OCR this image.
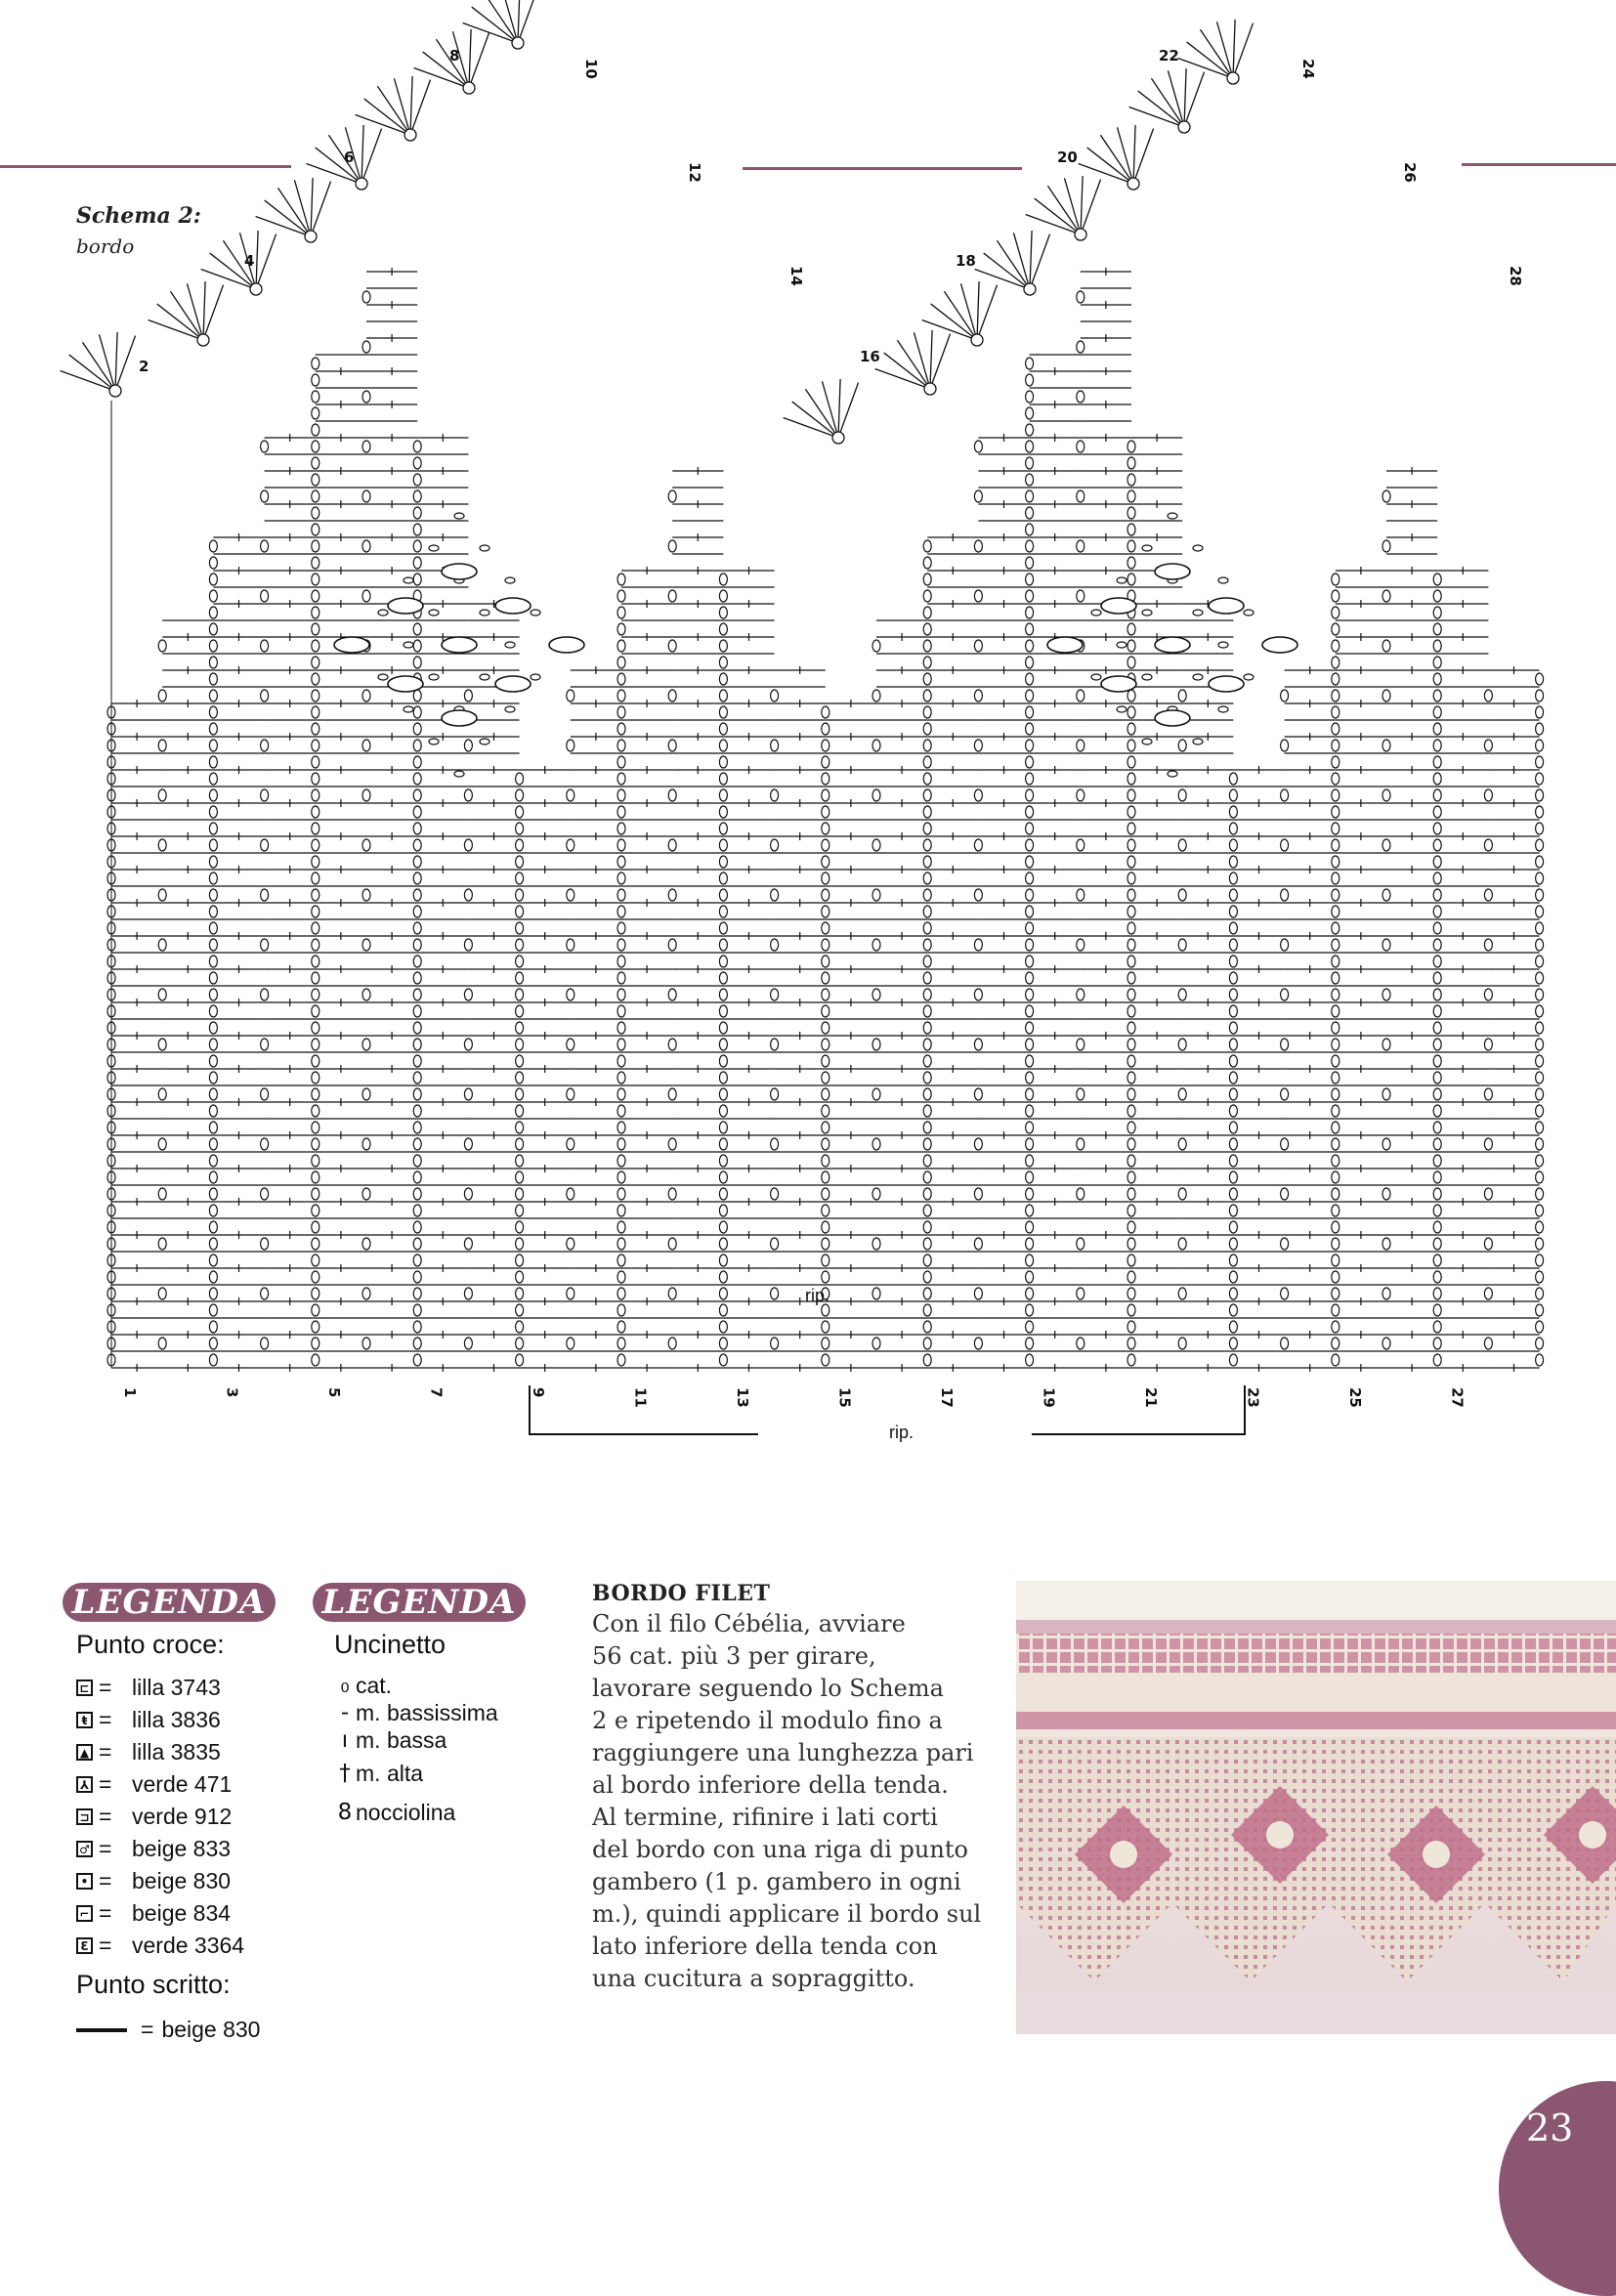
2
4
6
8
10
12
14
16
18
20
22
24
26
28
1	3	5	7	9	11	13	15	17	19	21	23	25	27
rip.
rip.
Schema 2:
bordo
LEGENDA
Punto croce:
⊏ = lilla 3743
ŧ = lilla 3836
▲ = lilla 3835
⅄ = verde 471
⊐ = verde 912
♂ = beige 833
• = beige 830
⌐ = beige 834
Ɛ = verde 3364
Punto scritto:
= beige 830
LEGENDA
Uncinetto
₀ cat.
- m. bassissima
ı m. bassa
† m. alta
8 nocciolina
BORDO FILET

Con il filo Cébélia, avviare
56 cat. più 3 per girare,
lavorare seguendo lo Schema
2 e ripetendo il modulo fino a
raggiungere una lunghezza pari
al bordo inferiore della tenda.
Al termine, rifinire i lati corti
del bordo con una riga di punto
gambero (1 p. gambero in ogni
m.), quindi applicare il bordo sul
lato inferiore della tenda con
una cucitura a sopraggitto.

23
